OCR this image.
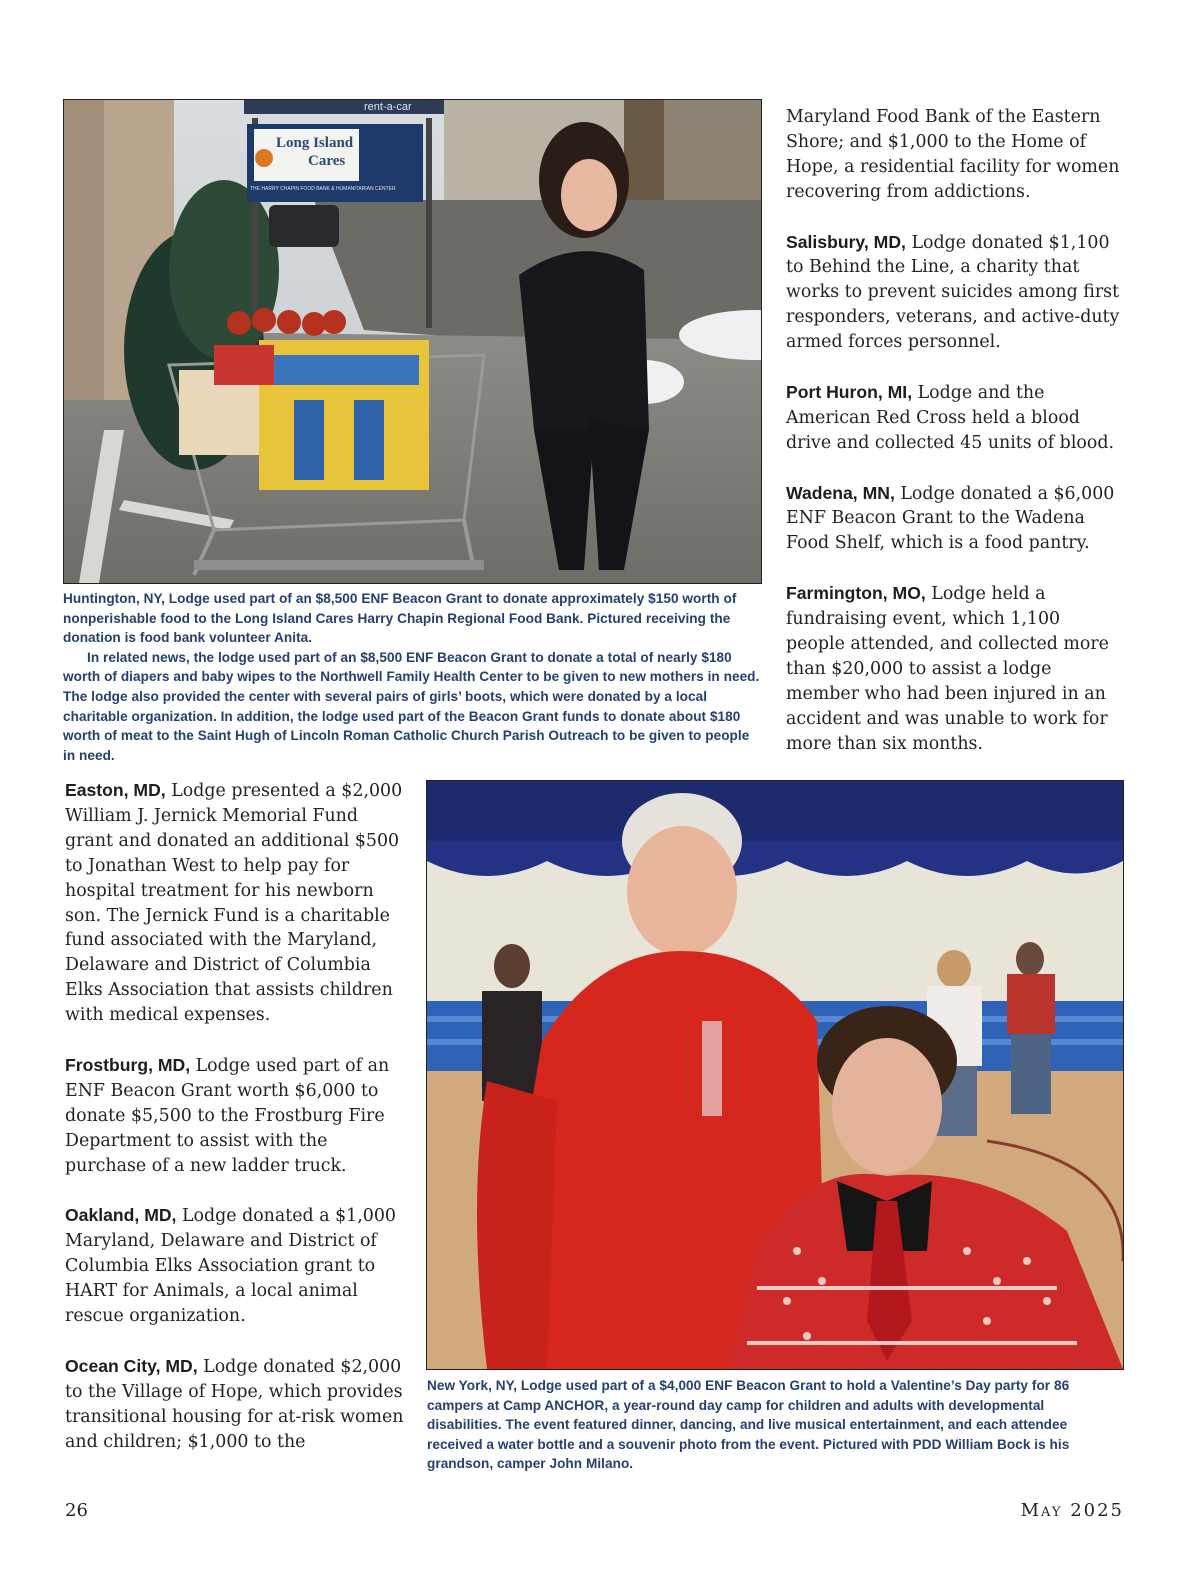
rent-a-car
Long Island
Cares
THE HARRY CHAPIN FOOD BANK & HUMANITARIAN CENTER
Huntington, NY, Lodge used part of an $8,500 ENF Beacon Grant to donate approximately $150 worth of nonperishable food to the Long Island Cares Harry Chapin Regional Food Bank. Pictured receiving the donation is food bank volunteer Anita.
In related news, the lodge used part of an $8,500 ENF Beacon Grant to donate a total of nearly $180 worth of diapers and baby wipes to the Northwell Family Health Center to be given to new mothers in need. The lodge also provided the center with several pairs of girls’ boots, which were donated by a local charitable organization. In addition, the lodge used part of the Beacon Grant funds to donate about $180 worth of meat to the Saint Hugh of Lincoln Roman Catholic Church Parish Outreach to be given to people in need.

Maryland Food Bank of the Eastern Shore; and $1,000 to the Home of Hope, a residential facility for women recovering from addictions.

Salisbury, MD, Lodge donated $1,100 to Behind the Line, a charity that works to prevent suicides among first responders, veterans, and active-duty armed forces personnel.

Port Huron, MI, Lodge and the American Red Cross held a blood drive and collected 45 units of blood.

Wadena, MN, Lodge donated a $6,000 ENF Beacon Grant to the Wadena Food Shelf, which is a food pantry.

Farmington, MO, Lodge held a fundraising event, which 1,100 people attended, and collected more than $20,000 to assist a lodge member who had been injured in an accident and was unable to work for more than six months.

Easton, MD, Lodge presented a $2,000 William J. Jernick Memorial Fund grant and donated an additional $500 to Jonathan West to help pay for hospital treatment for his newborn son. The Jernick Fund is a charitable fund associated with the Maryland, Delaware and District of Columbia Elks Association that assists children with medical expenses.

Frostburg, MD, Lodge used part of an ENF Beacon Grant worth $6,000 to donate $5,500 to the Frostburg Fire Department to assist with the purchase of a new ladder truck.

Oakland, MD, Lodge donated a $1,000 Maryland, Delaware and District of Columbia Elks Association grant to HART for Animals, a local animal rescue organization.

Ocean City, MD, Lodge donated $2,000 to the Village of Hope, which provides transitional housing for at-risk women and children; $1,000 to the

New York, NY, Lodge used part of a $4,000 ENF Beacon Grant to hold a Valentine’s Day party for 86 campers at Camp ANCHOR, a year-round day camp for children and adults with developmental disabilities. The event featured dinner, dancing, and live musical entertainment, and each attendee received a water bottle and a souvenir photo from the event. Pictured with PDD William Bock is his grandson, camper John Milano.
26	May 2025
